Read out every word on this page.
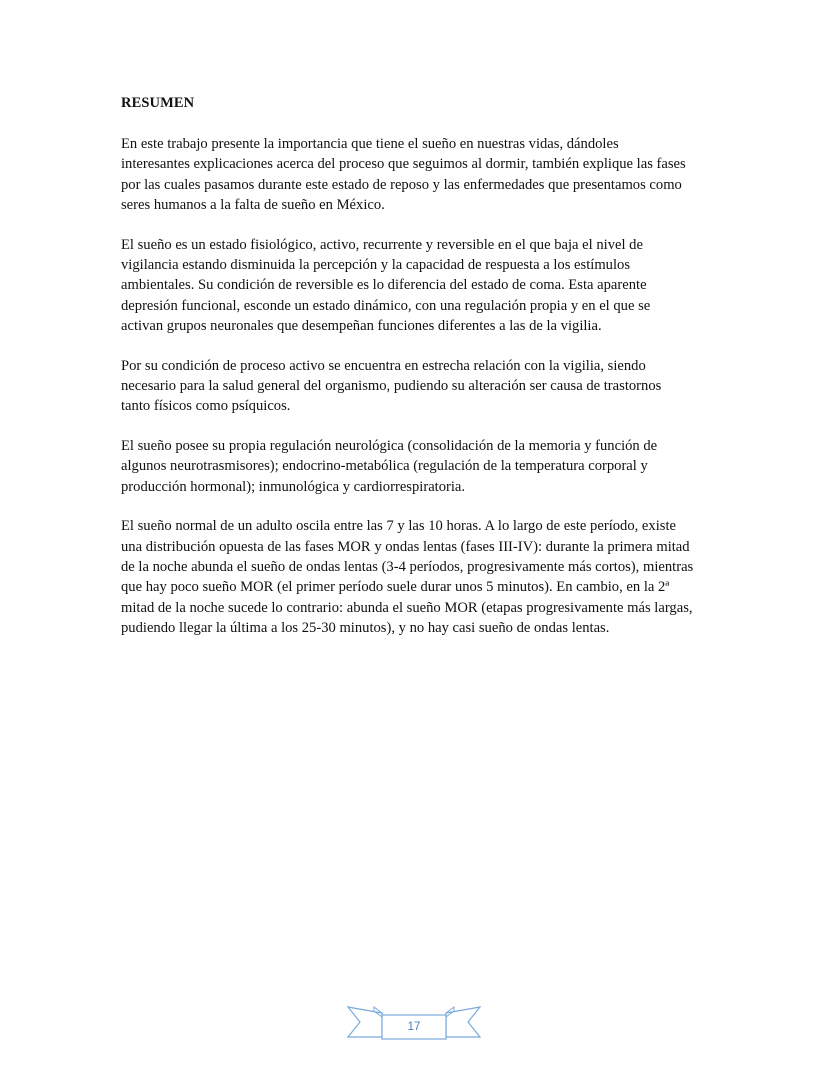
RESUMEN

En este trabajo presente la importancia que tiene el sueño en nuestras vidas, dándoles
interesantes explicaciones acerca del proceso que seguimos al dormir, también explique las fases
por las cuales pasamos durante este estado de reposo y las enfermedades que presentamos como
seres humanos a la falta de sueño en México.

El sueño es un estado fisiológico, activo, recurrente y reversible en el que baja el nivel de
vigilancia estando disminuida la percepción y la capacidad de respuesta a los estímulos
ambientales. Su condición de reversible es lo diferencia del estado de coma. Esta aparente
depresión funcional, esconde un estado dinámico, con una regulación propia y en el que se
activan grupos neuronales que desempeñan funciones diferentes a las de la vigilia.

Por su condición de proceso activo se encuentra en estrecha relación con la vigilia, siendo
necesario para la salud general del organismo, pudiendo su alteración ser causa de trastornos
tanto físicos como psíquicos.

El sueño posee su propia regulación neurológica (consolidación de la memoria y función de
algunos neurotrasmisores); endocrino-metabólica (regulación de la temperatura corporal y
producción hormonal); inmunológica y cardiorrespiratoria.

El sueño normal de un adulto oscila entre las 7 y las 10 horas. A lo largo de este período, existe
una distribución opuesta de las fases MOR y ondas lentas (fases III-IV): durante la primera mitad
de la noche abunda el sueño de ondas lentas (3-4 períodos, progresivamente más cortos), mientras
que hay poco sueño MOR (el primer período suele durar unos 5 minutos). En cambio, en la 2ª
mitad de la noche sucede lo contrario: abunda el sueño MOR (etapas progresivamente más largas,
pudiendo llegar la última a los 25-30 minutos), y no hay casi sueño de ondas lentas.

17
